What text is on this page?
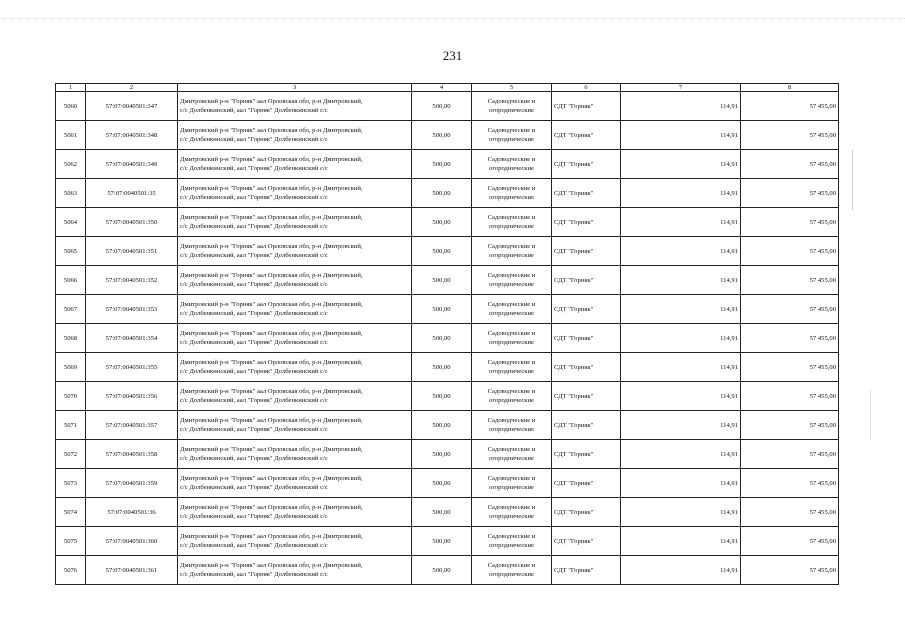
231
1	2	3	4	5	6	7	8
5060	57:07:0040501:347	Дмитровский р-н "Горняк" аал Орловская обл, р-н Дмитровский,
с/с Долбенкинский, аал "Горняк" Долбенкинский с/с	500,00	Садоводческие и
огороднические	СДТ "Горняк"	114,91	57 455,00
5061	57:07:0040501:348	Дмитровский р-н "Горняк" аал Орловская обл, р-н Дмитровский,
с/с Долбенкинский, аал "Горняк" Долбенкинский с/с	500,00	Садоводческие и
огороднические	СДТ "Горняк"	114,91	57 455,00
5062	57:07:0040501:349	Дмитровский р-н "Горняк" аал Орловская обл, р-н Дмитровский,
с/с Долбенкинский, аал "Горняк" Долбенкинский с/с	500,00	Садоводческие и
огороднические	СДТ "Горняк"	114,91	57 455,00
5063	57:07:0040501:35	Дмитровский р-н "Горняк" аал Орловская обл, р-н Дмитровский,
с/с Долбенкинский, аал "Горняк" Долбенкинский с/с	500,00	Садоводческие и
огороднические	СДТ "Горняк"	114,91	57 455,00
5064	57:07:0040501:350	Дмитровский р-н "Горняк" аал Орловская обл, р-н Дмитровский,
с/с Долбенкинский, аал "Горняк" Долбенкинский с/с	500,00	Садоводческие и
огороднические	СДТ "Горняк"	114,91	57 455,00
5065	57:07:0040501:351	Дмитровский р-н "Горняк" аал Орловская обл, р-н Дмитровский,
с/с Долбенкинский, аал "Горняк" Долбенкинский с/с	500,00	Садоводческие и
огороднические	СДТ "Горняк"	114,91	57 455,00
5066	57:07:0040501:352	Дмитровский р-н "Горняк" аал Орловская обл, р-н Дмитровский,
с/с Долбенкинский, аал "Горняк" Долбенкинский с/с	500,00	Садоводческие и
огороднические	СДТ "Горняк"	114,91	57 455,00
5067	57:07:0040501:353	Дмитровский р-н "Горняк" аал Орловская обл, р-н Дмитровский,
с/с Долбенкинский, аал "Горняк" Долбенкинский с/с	500,00	Садоводческие и
огороднические	СДТ "Горняк"	114,91	57 455,00
5068	57:07:0040501:354	Дмитровский р-н "Горняк" аал Орловская обл, р-н Дмитровский,
с/с Долбенкинский, аал "Горняк" Долбенкинский с/с	500,00	Садоводческие и
огороднические	СДТ "Горняк"	114,91	57 455,00
5069	57:07:0040501:355	Дмитровский р-н "Горняк" аал Орловская обл, р-н Дмитровский,
с/с Долбенкинский, аал "Горняк" Долбенкинский с/с	500,00	Садоводческие и
огороднические	СДТ "Горняк"	114,91	57 455,00
5070	57:07:0040501:356	Дмитровский р-н "Горняк" аал Орловская обл, р-н Дмитровский,
с/с Долбенкинский, аал "Горняк" Долбенкинский с/с	500,00	Садоводческие и
огороднические	СДТ "Горняк"	114,91	57 455,00
5071	57:07:0040501:357	Дмитровский р-н "Горняк" аал Орловская обл, р-н Дмитровский,
с/с Долбенкинский, аал "Горняк" Долбенкинский с/с	500,00	Садоводческие и
огороднические	СДТ "Горняк"	114,91	57 455,00
5072	57:07:0040501:358	Дмитровский р-н "Горняк" аал Орловская обл, р-н Дмитровский,
с/с Долбенкинский, аал "Горняк" Долбенкинский с/с	500,00	Садоводческие и
огороднические	СДТ "Горняк"	114,91	57 455,00
5073	57:07:0040501:359	Дмитровский р-н "Горняк" аал Орловская обл, р-н Дмитровский,
с/с Долбенкинский, аал "Горняк" Долбенкинский с/с	500,00	Садоводческие и
огороднические	СДТ "Горняк"	114,91	57 455,00
5074	57:07:0040501:36	Дмитровский р-н "Горняк" аал Орловская обл, р-н Дмитровский,
с/с Долбенкинский, аал "Горняк" Долбенкинский с/с	500,00	Садоводческие и
огороднические	СДТ "Горняк"	114,91	57 455,00
5075	57:07:0040501:360	Дмитровский р-н "Горняк" аал Орловская обл, р-н Дмитровский,
с/с Долбенкинский, аал "Горняк" Долбенкинский с/с	500,00	Садоводческие и
огороднические	СДТ "Горняк"	114,91	57 455,00
5076	57:07:0040501:361	Дмитровский р-н "Горняк" аал Орловская обл, р-н Дмитровский,
с/с Долбенкинский, аал "Горняк" Долбенкинский с/с	500,00	Садоводческие и
огороднические	СДТ "Горняк"	114,91	57 455,00
